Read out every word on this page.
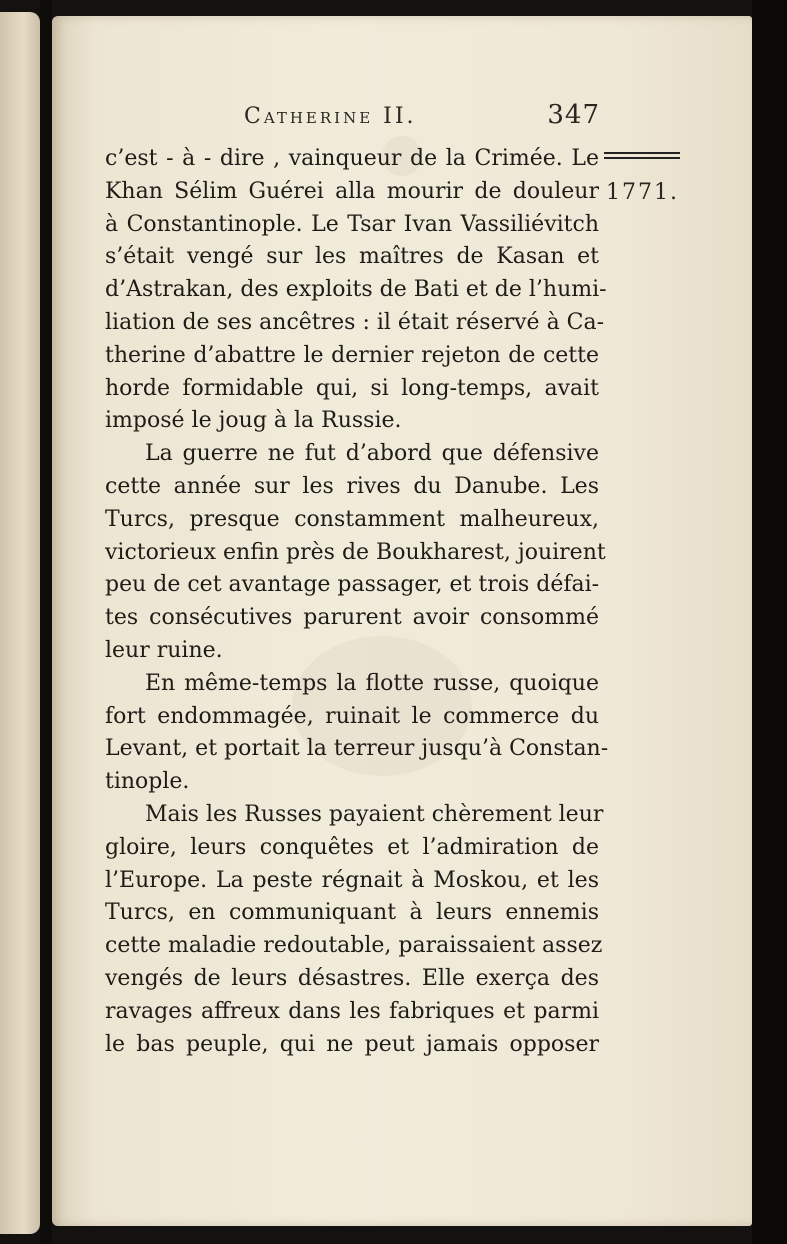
Catherine II.	347
1771.
c’est - à - dire , vainqueur de la Crimée. Le
Khan Sélim Guérei alla mourir de douleur
à Constantinople. Le Tsar Ivan Vassiliévitch
s’était vengé sur les maîtres de Kasan et
d’Astrakan, des exploits de Bati et de l’humi-
liation de ses ancêtres : il était réservé à Ca-
therine d’abattre le dernier rejeton de cette
horde formidable qui, si long-temps, avait
imposé le joug à la Russie.
La guerre ne fut d’abord que défensive
cette année sur les rives du Danube. Les
Turcs, presque constamment malheureux,
victorieux enfin près de Boukharest, jouirent
peu de cet avantage passager, et trois défai-
tes consécutives parurent avoir consommé
leur ruine.
En même-temps la flotte russe, quoique
fort endommagée, ruinait le commerce du
Levant, et portait la terreur jusqu’à Constan-
tinople.
Mais les Russes payaient chèrement leur
gloire, leurs conquêtes et l’admiration de
l’Europe. La peste régnait à Moskou, et les
Turcs, en communiquant à leurs ennemis
cette maladie redoutable, paraissaient assez
vengés de leurs désastres. Elle exerça des
ravages affreux dans les fabriques et parmi
le bas peuple, qui ne peut jamais opposer
